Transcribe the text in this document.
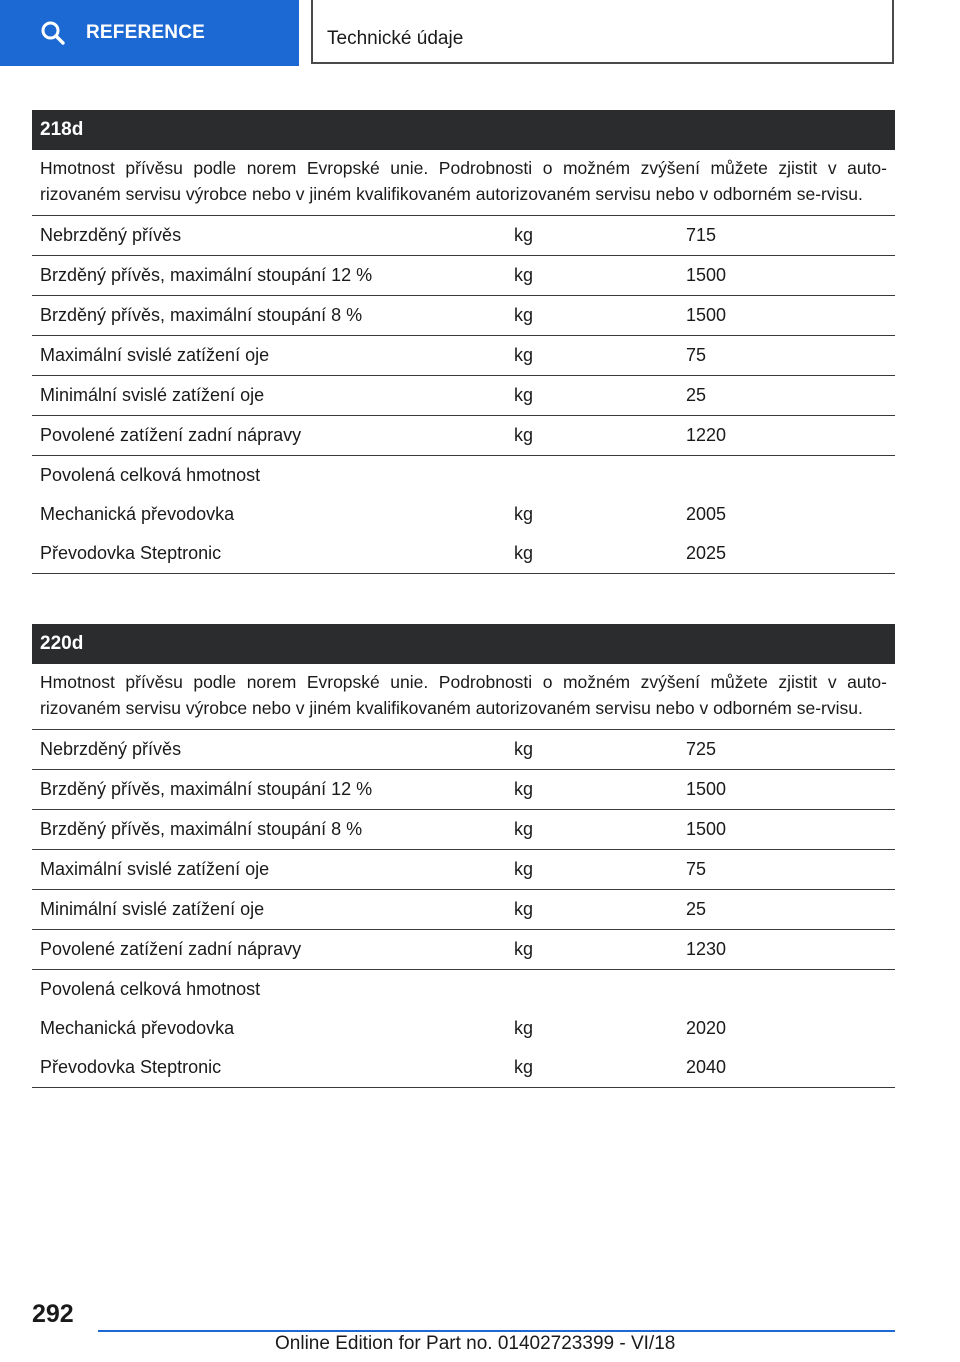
REFERENCE	Technické údaje
218d
Hmotnost přívěsu podle norem Evropské unie. Podrobnosti o možném zvýšení můžete zjistit v auto-rizovaném servisu výrobce nebo v jiném kvalifikovaném autorizovaném servisu nebo v odborném se-rvisu.
Nebrzděný přívěs	kg	715
Brzděný přívěs, maximální stoupání 12 %	kg	1500
Brzděný přívěs, maximální stoupání 8 %	kg	1500
Maximální svislé zatížení oje	kg	75
Minimální svislé zatížení oje	kg	25
Povolené zatížení zadní nápravy	kg	1220
Povolená celková hmotnost
Mechanická převodovka	kg	2005
Převodovka Steptronic	kg	2025
220d
Hmotnost přívěsu podle norem Evropské unie. Podrobnosti o možném zvýšení můžete zjistit v auto-rizovaném servisu výrobce nebo v jiném kvalifikovaném autorizovaném servisu nebo v odborném se-rvisu.
Nebrzděný přívěs	kg	725
Brzděný přívěs, maximální stoupání 12 %	kg	1500
Brzděný přívěs, maximální stoupání 8 %	kg	1500
Maximální svislé zatížení oje	kg	75
Minimální svislé zatížení oje	kg	25
Povolené zatížení zadní nápravy	kg	1230
Povolená celková hmotnost
Mechanická převodovka	kg	2020
Převodovka Steptronic	kg	2040
292
Online Edition for Part no. 01402723399 - VI/18
